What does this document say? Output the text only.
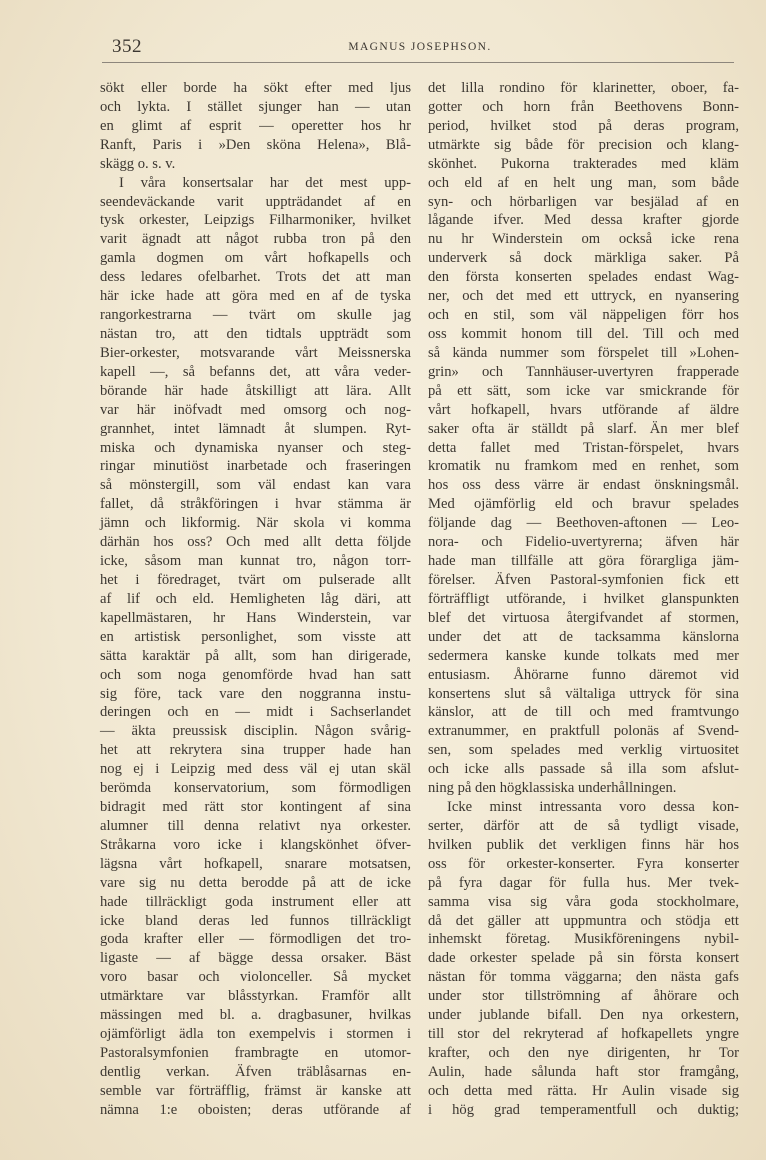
352	MAGNUS JOSEPHSON.
sökt eller borde ha sökt efter med ljus
och lykta. I stället sjunger han — utan
en glimt af esprit — operetter hos hr
Ranft, Paris i »Den sköna Helena», Blå-
skägg o. s. v.
I våra konsertsalar har det mest upp-
seendeväckande varit uppträdandet af en
tysk orkester, Leipzigs Filharmoniker, hvilket
varit ägnadt att något rubba tron på den
gamla dogmen om vårt hofkapells och
dess ledares ofelbarhet. Trots det att man
här icke hade att göra med en af de tyska
rangorkestrarna — tvärt om skulle jag
nästan tro, att den tidtals uppträdt som
Bier-orkester, motsvarande vårt Meissnerska
kapell —, så befanns det, att våra veder-
börande här hade åtskilligt att lära. Allt
var här inöfvadt med omsorg och nog-
grannhet, intet lämnadt åt slumpen. Ryt-
miska och dynamiska nyanser och steg-
ringar minutiöst inarbetade och fraseringen
så mönstergill, som väl endast kan vara
fallet, då stråkföringen i hvar stämma är
jämn och likformig. När skola vi komma
därhän hos oss? Och med allt detta följde
icke, såsom man kunnat tro, någon torr-
het i föredraget, tvärt om pulserade allt
af lif och eld. Hemligheten låg däri, att
kapellmästaren, hr Hans Winderstein, var
en artistisk personlighet, som visste att
sätta karaktär på allt, som han dirigerade,
och som noga genomförde hvad han satt
sig före, tack vare den noggranna instu-
deringen och en — midt i Sachserlandet
— äkta preussisk disciplin. Någon svårig-
het att rekrytera sina trupper hade han
nog ej i Leipzig med dess väl ej utan skäl
berömda konservatorium, som förmodligen
bidragit med rätt stor kontingent af sina
alumner till denna relativt nya orkester.
Stråkarna voro icke i klangskönhet öfver-
lägsna vårt hofkapell, snarare motsatsen,
vare sig nu detta berodde på att de icke
hade tillräckligt goda instrument eller att
icke bland deras led funnos tillräckligt
goda krafter eller — förmodligen det tro-
ligaste — af bägge dessa orsaker. Bäst
voro basar och violonceller. Så mycket
utmärktare var blåsstyrkan. Framför allt
mässingen med bl. a. dragbasuner, hvilkas
ojämförligt ädla ton exempelvis i stormen i
Pastoralsymfonien frambragte en utomor-
dentlig verkan. Äfven träblåsarnas en-
semble var förträfflig, främst är kanske att
nämna 1:e oboisten; deras utförande af
det lilla rondino för klarinetter, oboer, fa-
gotter och horn från Beethovens Bonn-
period, hvilket stod på deras program,
utmärkte sig både för precision och klang-
skönhet. Pukorna trakterades med kläm
och eld af en helt ung man, som både
syn- och hörbarligen var besjälad af en
lågande ifver. Med dessa krafter gjorde
nu hr Winderstein om också icke rena
underverk så dock märkliga saker. På
den första konserten spelades endast Wag-
ner, och det med ett uttryck, en nyansering
och en stil, som väl näppeligen förr hos
oss kommit honom till del. Till och med
så kända nummer som förspelet till »Lohen-
grin» och Tannhäuser-uvertyren frapperade
på ett sätt, som icke var smickrande för
vårt hofkapell, hvars utförande af äldre
saker ofta är ställdt på slarf. Än mer blef
detta fallet med Tristan-förspelet, hvars
kromatik nu framkom med en renhet, som
hos oss dess värre är endast önskningsmål.
Med ojämförlig eld och bravur spelades
följande dag — Beethoven-aftonen — Leo-
nora- och Fidelio-uvertyrerna; äfven här
hade man tillfälle att göra förargliga jäm-
förelser. Äfven Pastoral-symfonien fick ett
förträffligt utförande, i hvilket glanspunkten
blef det virtuosa återgifvandet af stormen,
under det att de tacksamma känslorna
sedermera kanske kunde tolkats med mer
entusiasm. Åhörarne funno däremot vid
konsertens slut så vältaliga uttryck för sina
känslor, att de till och med framtvungo
extranummer, en praktfull polonäs af Svend-
sen, som spelades med verklig virtuositet
och icke alls passade så illa som afslut-
ning på den högklassiska underhållningen.
Icke minst intressanta voro dessa kon-
serter, därför att de så tydligt visade,
hvilken publik det verkligen finns här hos
oss för orkester-konserter. Fyra konserter
på fyra dagar för fulla hus. Mer tvek-
samma visa sig våra goda stockholmare,
då det gäller att uppmuntra och stödja ett
inhemskt företag. Musikföreningens nybil-
dade orkester spelade på sin första konsert
nästan för tomma väggarna; den nästa gafs
under stor tillströmning af åhörare och
under jublande bifall. Den nya orkestern,
till stor del rekryterad af hofkapellets yngre
krafter, och den nye dirigenten, hr Tor
Aulin, hade sålunda haft stor framgång,
och detta med rätta. Hr Aulin visade sig
i hög grad temperamentfull och duktig;
